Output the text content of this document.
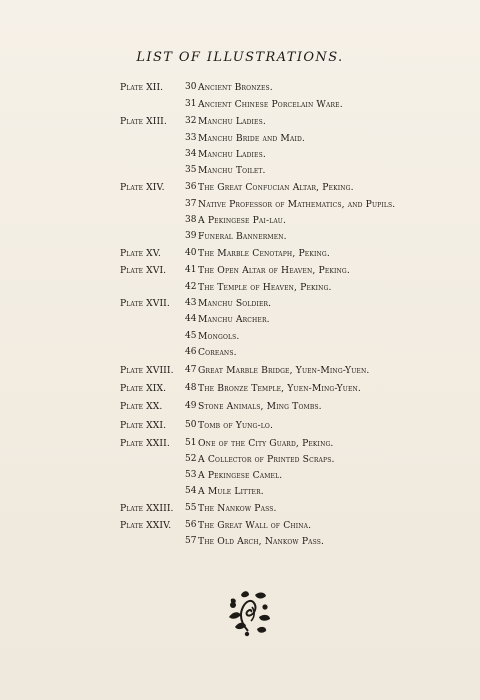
LIST OF ILLUSTRATIONS.
Plate XII. 30 Ancient Bronzes.
31 Ancient Chinese Porcelain Ware.
Plate XIII. 32 Manchu Ladies.
33 Manchu Bride and Maid.
34 Manchu Ladies.
35 Manchu Toilet.
Plate XIV. 36 The Great Confucian Altar, Peking.
37 Native Professor of Mathematics, and Pupils.
38 A Pekingese Pai-lau.
39 Funeral Bannermen.
Plate XV.	40 The Marble Cenotaph, Peking.
Plate XVI. 41 The Open Altar of Heaven, Peking.
42 The Temple of Heaven, Peking.
Plate XVII. 43 Manchu Soldier.
44 Manchu Archer.
45 Mongols.
46 Coreans.
Plate XVIII. 47 Great Marble Bridge, Yuen-Ming-Yuen.
Plate XIX. 48 The Bronze Temple, Yuen-Ming-Yuen.
Plate XX.	49 Stone Animals, Ming Tombs.
Plate XXI. 50 Tomb of Yung-lo.
Plate XXII. 51 One of the City Guard, Peking.
52 A Collector of Printed Scraps.
53 A Pekingese Camel.
54 A Mule Litter.
Plate XXIII. 55 The Nankow Pass.
Plate XXIV. 56 The Great Wall of China.
57 The Old Arch, Nankow Pass.
